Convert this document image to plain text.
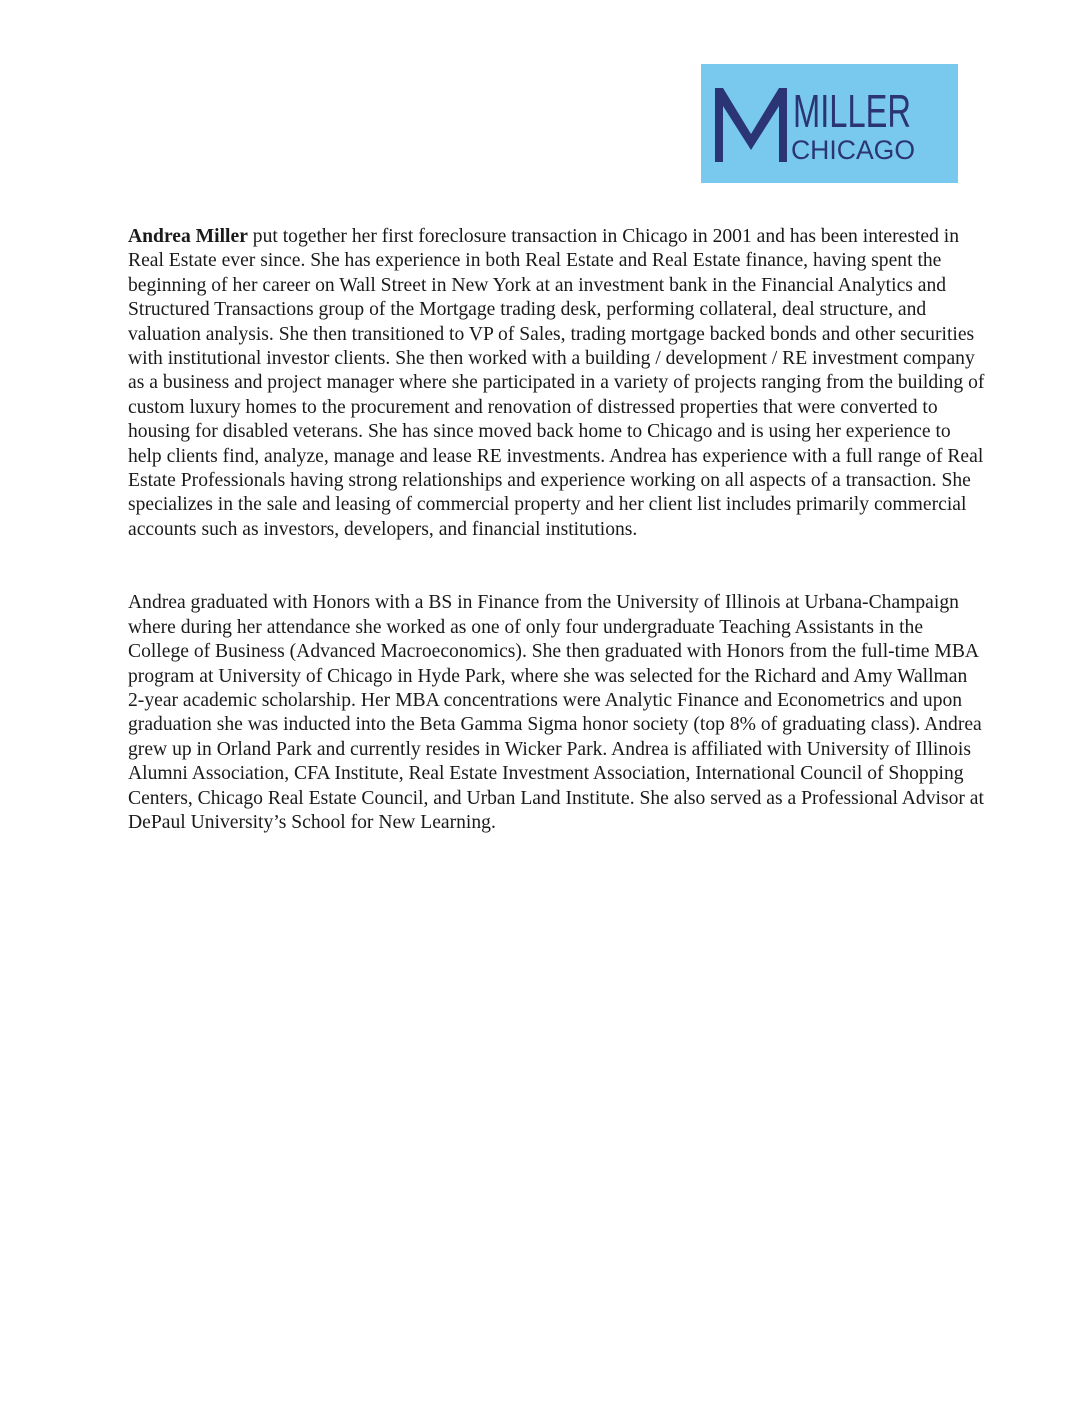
MILLER
CHICAGO

Andrea Miller put together her first foreclosure transaction in Chicago in 2001 and has been interested in Real Estate ever since. She has experience in both Real Estate and Real Estate finance, having spent the beginning of her career on Wall Street in New York at an investment bank in the Financial Analytics and Structured Transactions group of the Mortgage trading desk, performing collateral, deal structure, and valuation analysis. She then transitioned to VP of Sales, trading mortgage backed bonds and other securities with institutional investor clients. She then worked with a building / development / RE investment company as a business and project manager where she participated in a variety of projects ranging from the building of custom luxury homes to the procurement and renovation of distressed properties that were converted to housing for disabled veterans. She has since moved back home to Chicago and is using her experience to help clients find, analyze, manage and lease RE investments. Andrea has experience with a full range of Real Estate Professionals having strong relationships and experience working on all aspects of a transaction. She specializes in the sale and leasing of commercial property and her client list includes primarily commercial accounts such as investors, developers, and financial institutions.

Andrea graduated with Honors with a BS in Finance from the University of Illinois at Urbana-Champaign where during her attendance she worked as one of only four undergraduate Teaching Assistants in the College of Business (Advanced Macroeconomics). She then graduated with Honors from the full-time MBA program at University of Chicago in Hyde Park, where she was selected for the Richard and Amy Wallman 2-year academic scholarship. Her MBA concentrations were Analytic Finance and Econometrics and upon graduation she was inducted into the Beta Gamma Sigma honor society (top 8% of graduating class). Andrea grew up in Orland Park and currently resides in Wicker Park. Andrea is affiliated with University of Illinois Alumni Association, CFA Institute, Real Estate Investment Association, International Council of Shopping Centers, Chicago Real Estate Council, and Urban Land Institute. She also served as a Professional Advisor at DePaul University’s School for New Learning.
